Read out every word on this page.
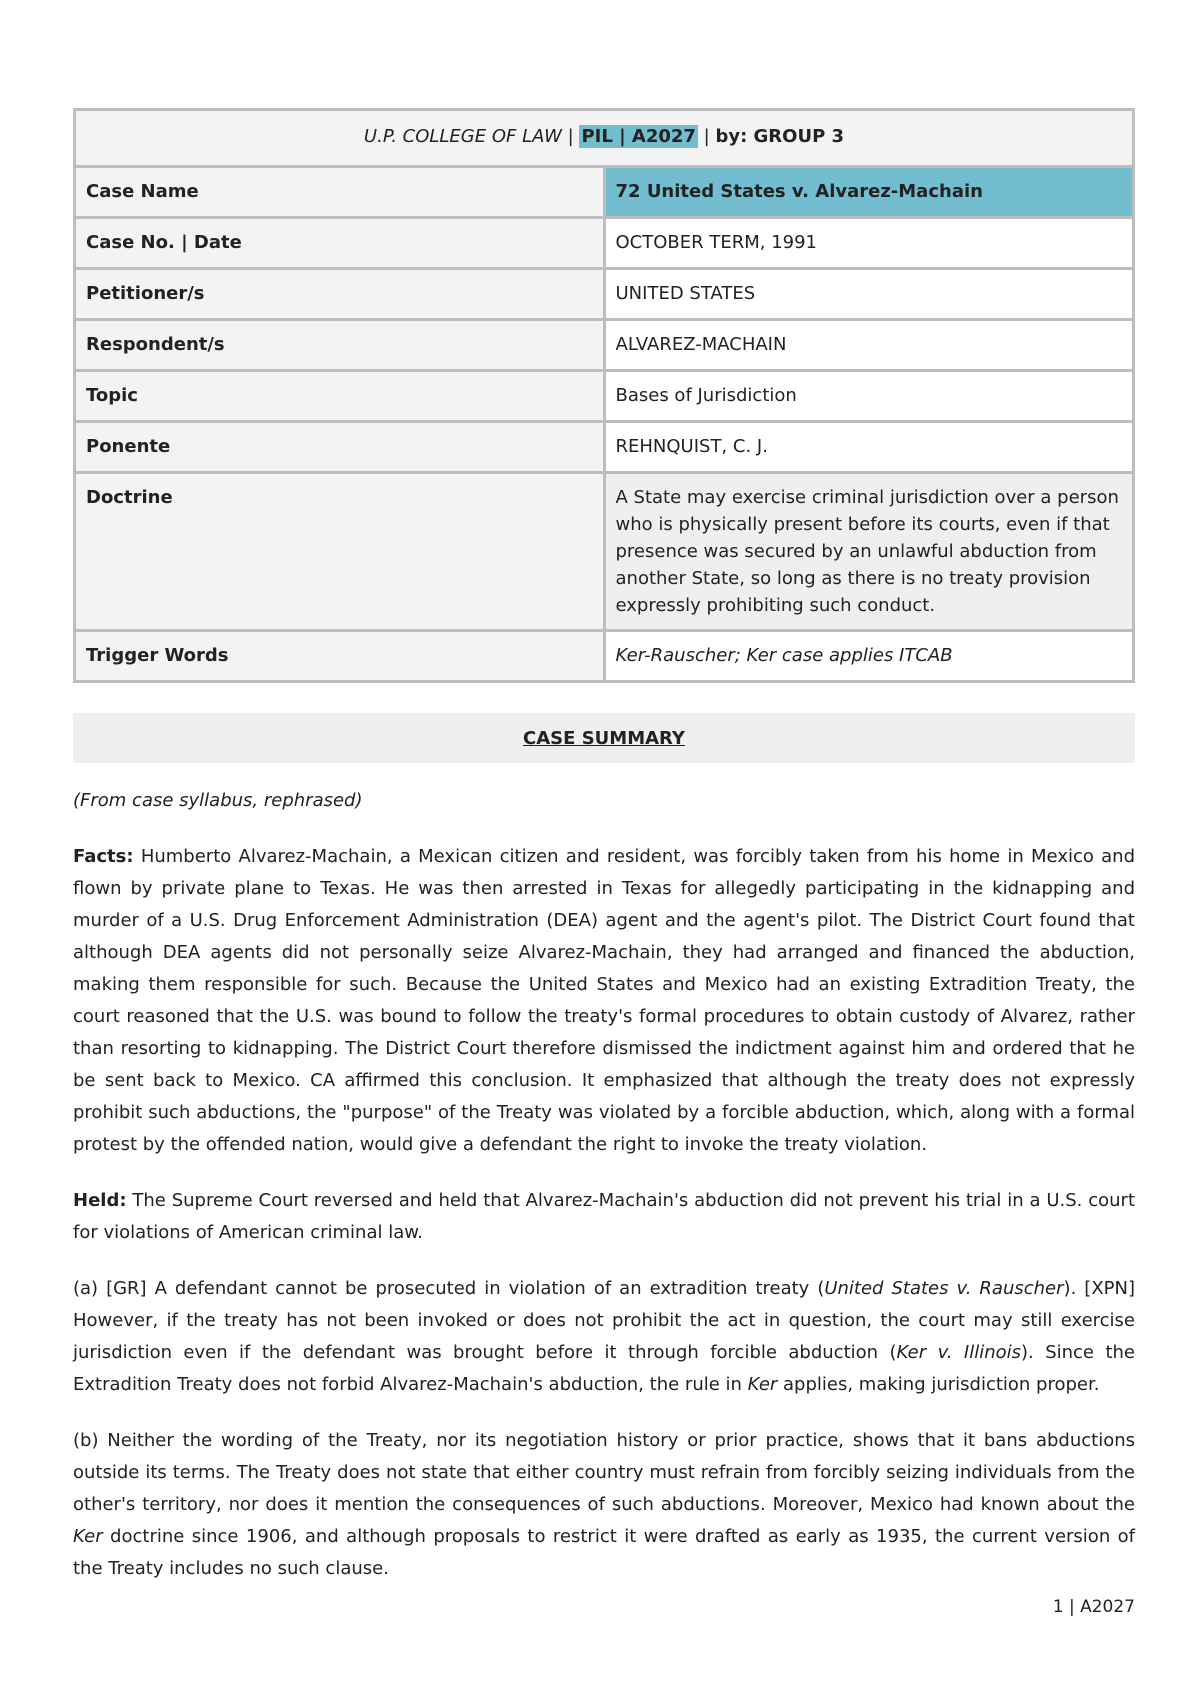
U.P. COLLEGE OF LAW | PIL | A2027 | by: GROUP 3	
Case Name	72 United States v. Alvarez-Machain
Case No. | Date	OCTOBER TERM, 1991
Petitioner/s	UNITED STATES
Respondent/s	ALVAREZ-MACHAIN
Topic	Bases of Jurisdiction
Ponente	REHNQUIST, C. J.
Doctrine	A State may exercise criminal jurisdiction over a person who is physically present before its courts, even if that presence was secured by an unlawful abduction from another State, so long as there is no treaty provision expressly prohibiting such conduct.
Trigger Words	Ker-Rauscher; Ker case applies ITCAB
CASE SUMMARY

(From case syllabus, rephrased)

Facts: Humberto Alvarez-Machain, a Mexican citizen and resident, was forcibly taken from his home in Mexico and flown by private plane to Texas. He was then arrested in Texas for allegedly participating in the kidnapping and murder of a U.S. Drug Enforcement Administration (DEA) agent and the agent's pilot. The District Court found that although DEA agents did not personally seize Alvarez-Machain, they had arranged and financed the abduction, making them responsible for such. Because the United States and Mexico had an existing Extradition Treaty, the court reasoned that the U.S. was bound to follow the treaty's formal procedures to obtain custody of Alvarez, rather than resorting to kidnapping. The District Court therefore dismissed the indictment against him and ordered that he be sent back to Mexico. CA affirmed this conclusion. It emphasized that although the treaty does not expressly prohibit such abductions, the "purpose" of the Treaty was violated by a forcible abduction, which, along with a formal protest by the offended nation, would give a defendant the right to invoke the treaty violation.

Held: The Supreme Court reversed and held that Alvarez-Machain's abduction did not prevent his trial in a U.S. court for violations of American criminal law.

(a) [GR] A defendant cannot be prosecuted in violation of an extradition treaty (United States v. Rauscher). [XPN] However, if the treaty has not been invoked or does not prohibit the act in question, the court may still exercise jurisdiction even if the defendant was brought before it through forcible abduction (Ker v. Illinois). Since the Extradition Treaty does not forbid Alvarez-Machain's abduction, the rule in Ker applies, making jurisdiction proper.

(b) Neither the wording of the Treaty, nor its negotiation history or prior practice, shows that it bans abductions outside its terms. The Treaty does not state that either country must refrain from forcibly seizing individuals from the other's territory, nor does it mention the consequences of such abductions. Moreover, Mexico had known about the Ker doctrine since 1906, and although proposals to restrict it were drafted as early as 1935, the current version of the Treaty includes no such clause.

1 | A2027
